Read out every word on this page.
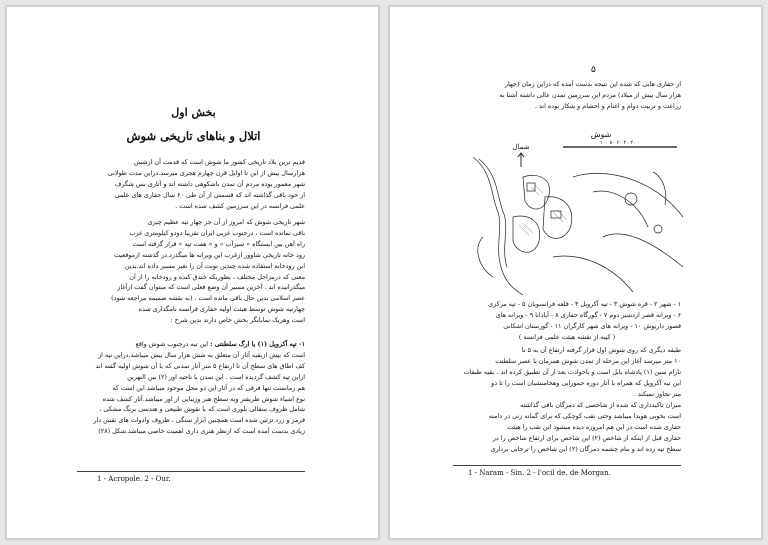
بخش اول
اتلال و بناهای تاریخی شوش
قدیم ترین بلاد تاریخی کشور ما شوش است که قدمت آن ازشش
هزارسال پیش از این تا اوایل قرن چهارم هجری میرسد.دراین مدت طولانی
شهر معمور بوده مردم آن تمدن باشکوهی داشته اند و آثاری بس شگرف
از خود باقی گذاشته اند که قسمتی از آن طی ۶۰ سال حفاری های علمی
علمی فرانسه در این سرزمین کشف شده است .
شهر تاریخی شوش که امروز از آن جز چهار تپه عظیم چیزی
باقی نمانده است ، درجنوب غربی ایران تقریبا دودو کیلومتری غرب
راه آهن بین ایستگاه « سیزآب » و « هفت تپه » قرار گرفته است
رود خانه تاریخی شاوور ازغرب این ویرانه ها میگذرد.در گذشته ازموقعیت
این رودخانه استفاده شده چندین نوبت آن را تغیر مسیر داده اند.بدین
معنی که درمراحل مختلف ، بطوریکه خندق کنده و رودخانه را از آن
میگذرانیده اند . آخرین مسیر آن وضع فعلی است که میتوان گفت ازآغاز
عصر اسلامی بدین حال باقی مانده است . (به نقشه ضمیمه مراجعه شود)
چهارتپه شوش توسط هیئت اولیه حفاری فرانسه نامگذاری شده
است وهریک نمایانگر بخش خاص دارند بدین شرح :
۱- تپه آکروپل (۱) یا ارگ سلطنتی : این تپه درجنوب شوش واقع
است که بیش ازبقیه آثار آن متعلق به شش هزار سال پیش میباشد.دراین تپه از
کف اطاق های سطح آن تا ارتفاع ۵ متر آثار تمدنی که با آن شوش اولیه گفته اند
ازاین تپه کشف گردیده است . این تمدن با ناحیه اور (۲) بین النهرین
هم زمانست تنها فرقی که در آثار این دو محل موجود میباشد این است که
نوع اشیاء شوش ظریفتر وبه سطح هنر وزیبایی از اور میباشد.آثار کشف شده
شامل ظروف سفالی بلوری است که با نقوش طبیعی و هندسی برنگ مشکی ،
قرمز و زرد تزئین شده است همچنین ابزار سنگی ، ظروف وادوات های نقش دار
زیادی بدست آمده است که ازنظر هنری داری اهمیت خاصی میباشد.شکل (۲۸)
1 - Acropole. 2 - Our.
۵
از حفاری هایی که شده این نتیجه بدست آمده که دراین زمان (چهار
هزار سال پیش از میلاد) مردم این سرزمین تمدن عالی داشته آشنا به
زراعت و تربیت دوام و اغنام و احشام و شکار بوده اند .
شوش
شمال	۱۰۰ ۸۰ ۶۰ ۴۰ ۲۰ ۰
۱ - شهر ۲ - قره شوش ۳ - تپه آکروپل ۴ - قلعه فرانسویان ۵ - تپه مرکزی
۶ - ویرانه قصر اردشیر دوم ۷ - گورگاه حفاری ۸ - آپادانا ۹ - ویرانه های
قصور داریوش ۱۰ - ویرانه های شهر کارگران ۱۱ - گورستان اشکانی
( کپیه از نقشه هیئت علمی فرانسه )
طبقه دیگری که روی شوش اول قرار گرفته ارتفاع آن به ۵ تا
۱۰ متر میرسد آغاز این مرحله از تمدن شوش همزمان با عصر سلطنت
نارام سین (۱) پادشاه بابل است و باحوادث بعد از آن تطبیق کرده اند . بقیه طبقات
این تپه آکروپل که همراه با آثار دوره حمورابی وهخامنشیان است را تا دو
متر تجاوز نمیکند .
میزان تاکیدداری که شده از شاخصی که دمرگان باقی گذاشته
است بخوبی هویدا میباشد وحتی نقب کوچکی که برای گمانه زنی در دامنه
حفاری شده است در این هم امروزه دیده میشود این نقب را هیئت
حفاری قبل از اینکه از شاخص (۲) این شاخص برای ارتفاع شاخص را در
سطح تپه زده اند و بنام چشمه دمرگان (۲) این شاخص را ترجایی برداری
1 - Naram - Sin. 2 - l'ocil de. de Morgan.
